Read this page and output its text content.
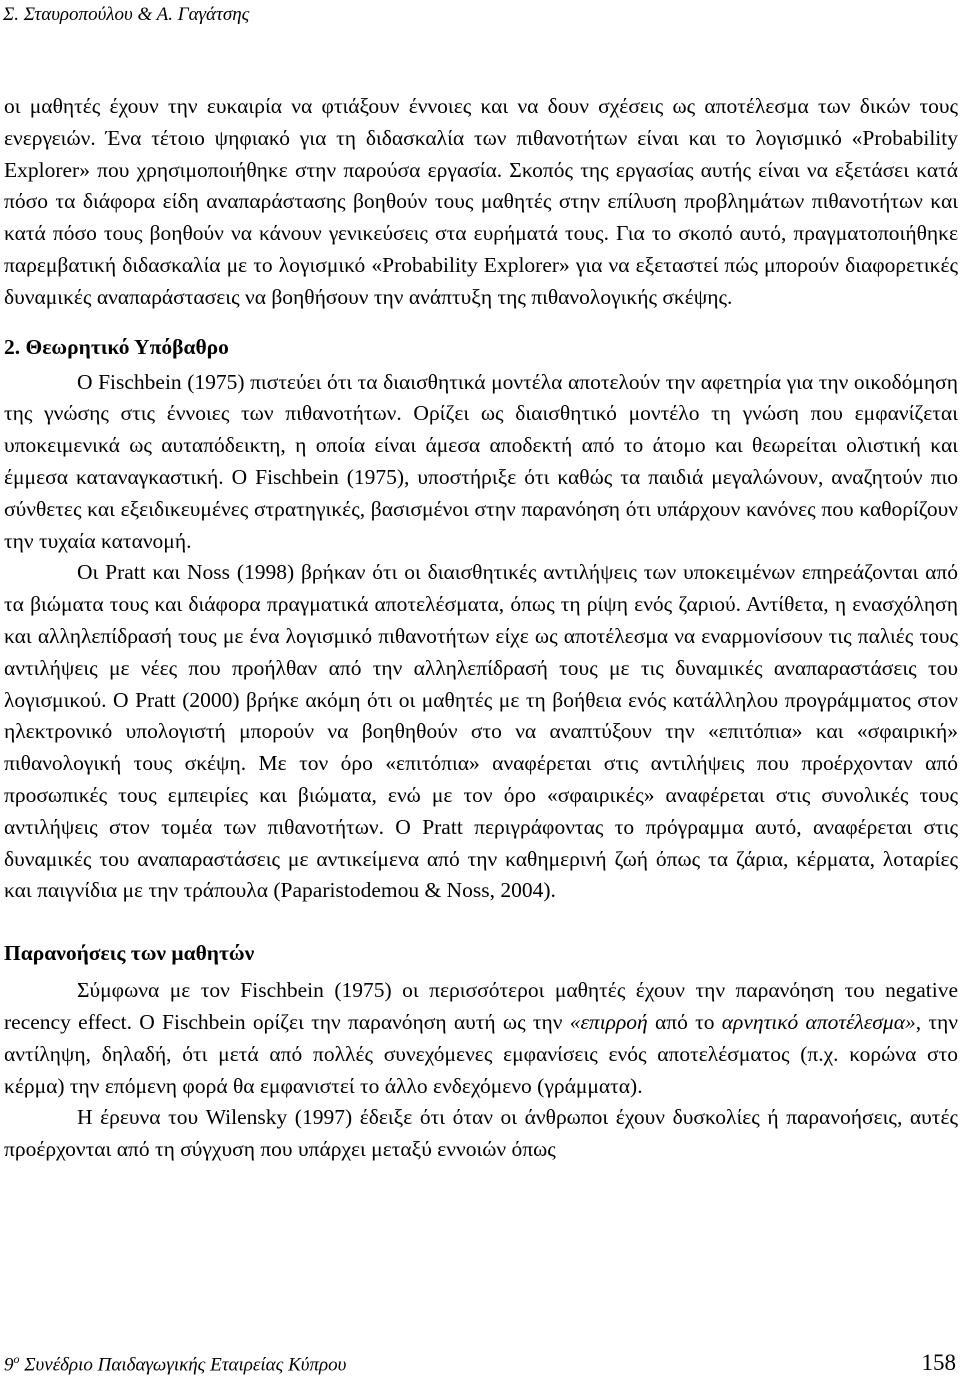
Σ. Σταυροπούλου & Α. Γαγάτσης

οι μαθητές έχουν την ευκαιρία να φτιάξουν έννοιες και να δουν σχέσεις ως αποτέλεσμα των δικών τους ενεργειών. Ένα τέτοιο ψηφιακό για τη διδασκαλία των πιθανοτήτων είναι και το λογισμικό «Probability Explorer» που χρησιμοποιήθηκε στην παρούσα εργασία. Σκοπός της εργασίας αυτής είναι να εξετάσει κατά πόσο τα διάφορα είδη αναπαράστασης βοηθούν τους μαθητές στην επίλυση προβλημάτων πιθανοτήτων και κατά πόσο τους βοηθούν να κάνουν γενικεύσεις στα ευρήματά τους. Για το σκοπό αυτό, πραγματοποιήθηκε παρεμβατική διδασκαλία με το λογισμικό «Probability Explorer» για να εξεταστεί πώς μπορούν διαφορετικές δυναμικές αναπαράστασεις να βοηθήσουν την ανάπτυξη της πιθανολογικής σκέψης.

2. Θεωρητικό Υπόβαθρο

Ο Fischbein (1975) πιστεύει ότι τα διαισθητικά μοντέλα αποτελούν την αφετηρία για την οικοδόμηση της γνώσης στις έννοιες των πιθανοτήτων. Ορίζει ως διαισθητικό μοντέλο τη γνώση που εμφανίζεται υποκειμενικά ως αυταπόδεικτη, η οποία είναι άμεσα αποδεκτή από το άτομο και θεωρείται ολιστική και έμμεσα καταναγκαστική. Ο Fischbein (1975), υποστήριξε ότι καθώς τα παιδιά μεγαλώνουν, αναζητούν πιο σύνθετες και εξειδικευμένες στρατηγικές, βασισμένοι στην παρανόηση ότι υπάρχουν κανόνες που καθορίζουν την τυχαία κατανομή.

Οι Pratt και Noss (1998) βρήκαν ότι οι διαισθητικές αντιλήψεις των υποκειμένων επηρεάζονται από τα βιώματα τους και διάφορα πραγματικά αποτελέσματα, όπως τη ρίψη ενός ζαριού. Αντίθετα, η ενασχόληση και αλληλεπίδρασή τους με ένα λογισμικό πιθανοτήτων είχε ως αποτέλεσμα να εναρμονίσουν τις παλιές τους αντιλήψεις με νέες που προήλθαν από την αλληλεπίδρασή τους με τις δυναμικές αναπαραστάσεις του λογισμικού. Ο Pratt (2000) βρήκε ακόμη ότι οι μαθητές με τη βοήθεια ενός κατάλληλου προγράμματος στον ηλεκτρονικό υπολογιστή μπορούν να βοηθηθούν στο να αναπτύξουν την «επιτόπια» και «σφαιρική» πιθανολογική τους σκέψη. Με τον όρο «επιτόπια» αναφέρεται στις αντιλήψεις που προέρχονταν από προσωπικές τους εμπειρίες και βιώματα, ενώ με τον όρο «σφαιρικές» αναφέρεται στις συνολικές τους αντιλήψεις στον τομέα των πιθανοτήτων. Ο Pratt περιγράφοντας το πρόγραμμα αυτό, αναφέρεται στις δυναμικές του αναπαραστάσεις με αντικείμενα από την καθημερινή ζωή όπως τα ζάρια, κέρματα, λοταρίες και παιγνίδια με την τράπουλα (Paparistodemou & Noss, 2004).

Παρανοήσεις των μαθητών

Σύμφωνα με τον Fischbein (1975) οι περισσότεροι μαθητές έχουν την παρανόηση του negative recency effect. Ο Fischbein ορίζει την παρανόηση αυτή ως την «επιρροή από το αρνητικό αποτέλεσμα», την αντίληψη, δηλαδή, ότι μετά από πολλές συνεχόμενες εμφανίσεις ενός αποτελέσματος (π.χ. κορώνα στο κέρμα) την επόμενη φορά θα εμφανιστεί το άλλο ενδεχόμενο (γράμματα).

Η έρευνα του Wilensky (1997) έδειξε ότι όταν οι άνθρωποι έχουν δυσκολίες ή παρανοήσεις, αυτές προέρχονται από τη σύγχυση που υπάρχει μεταξύ εννοιών όπως

$9^o$ Συνέδριο Παιδαγωγικής Εταιρείας Κύπρου	158
